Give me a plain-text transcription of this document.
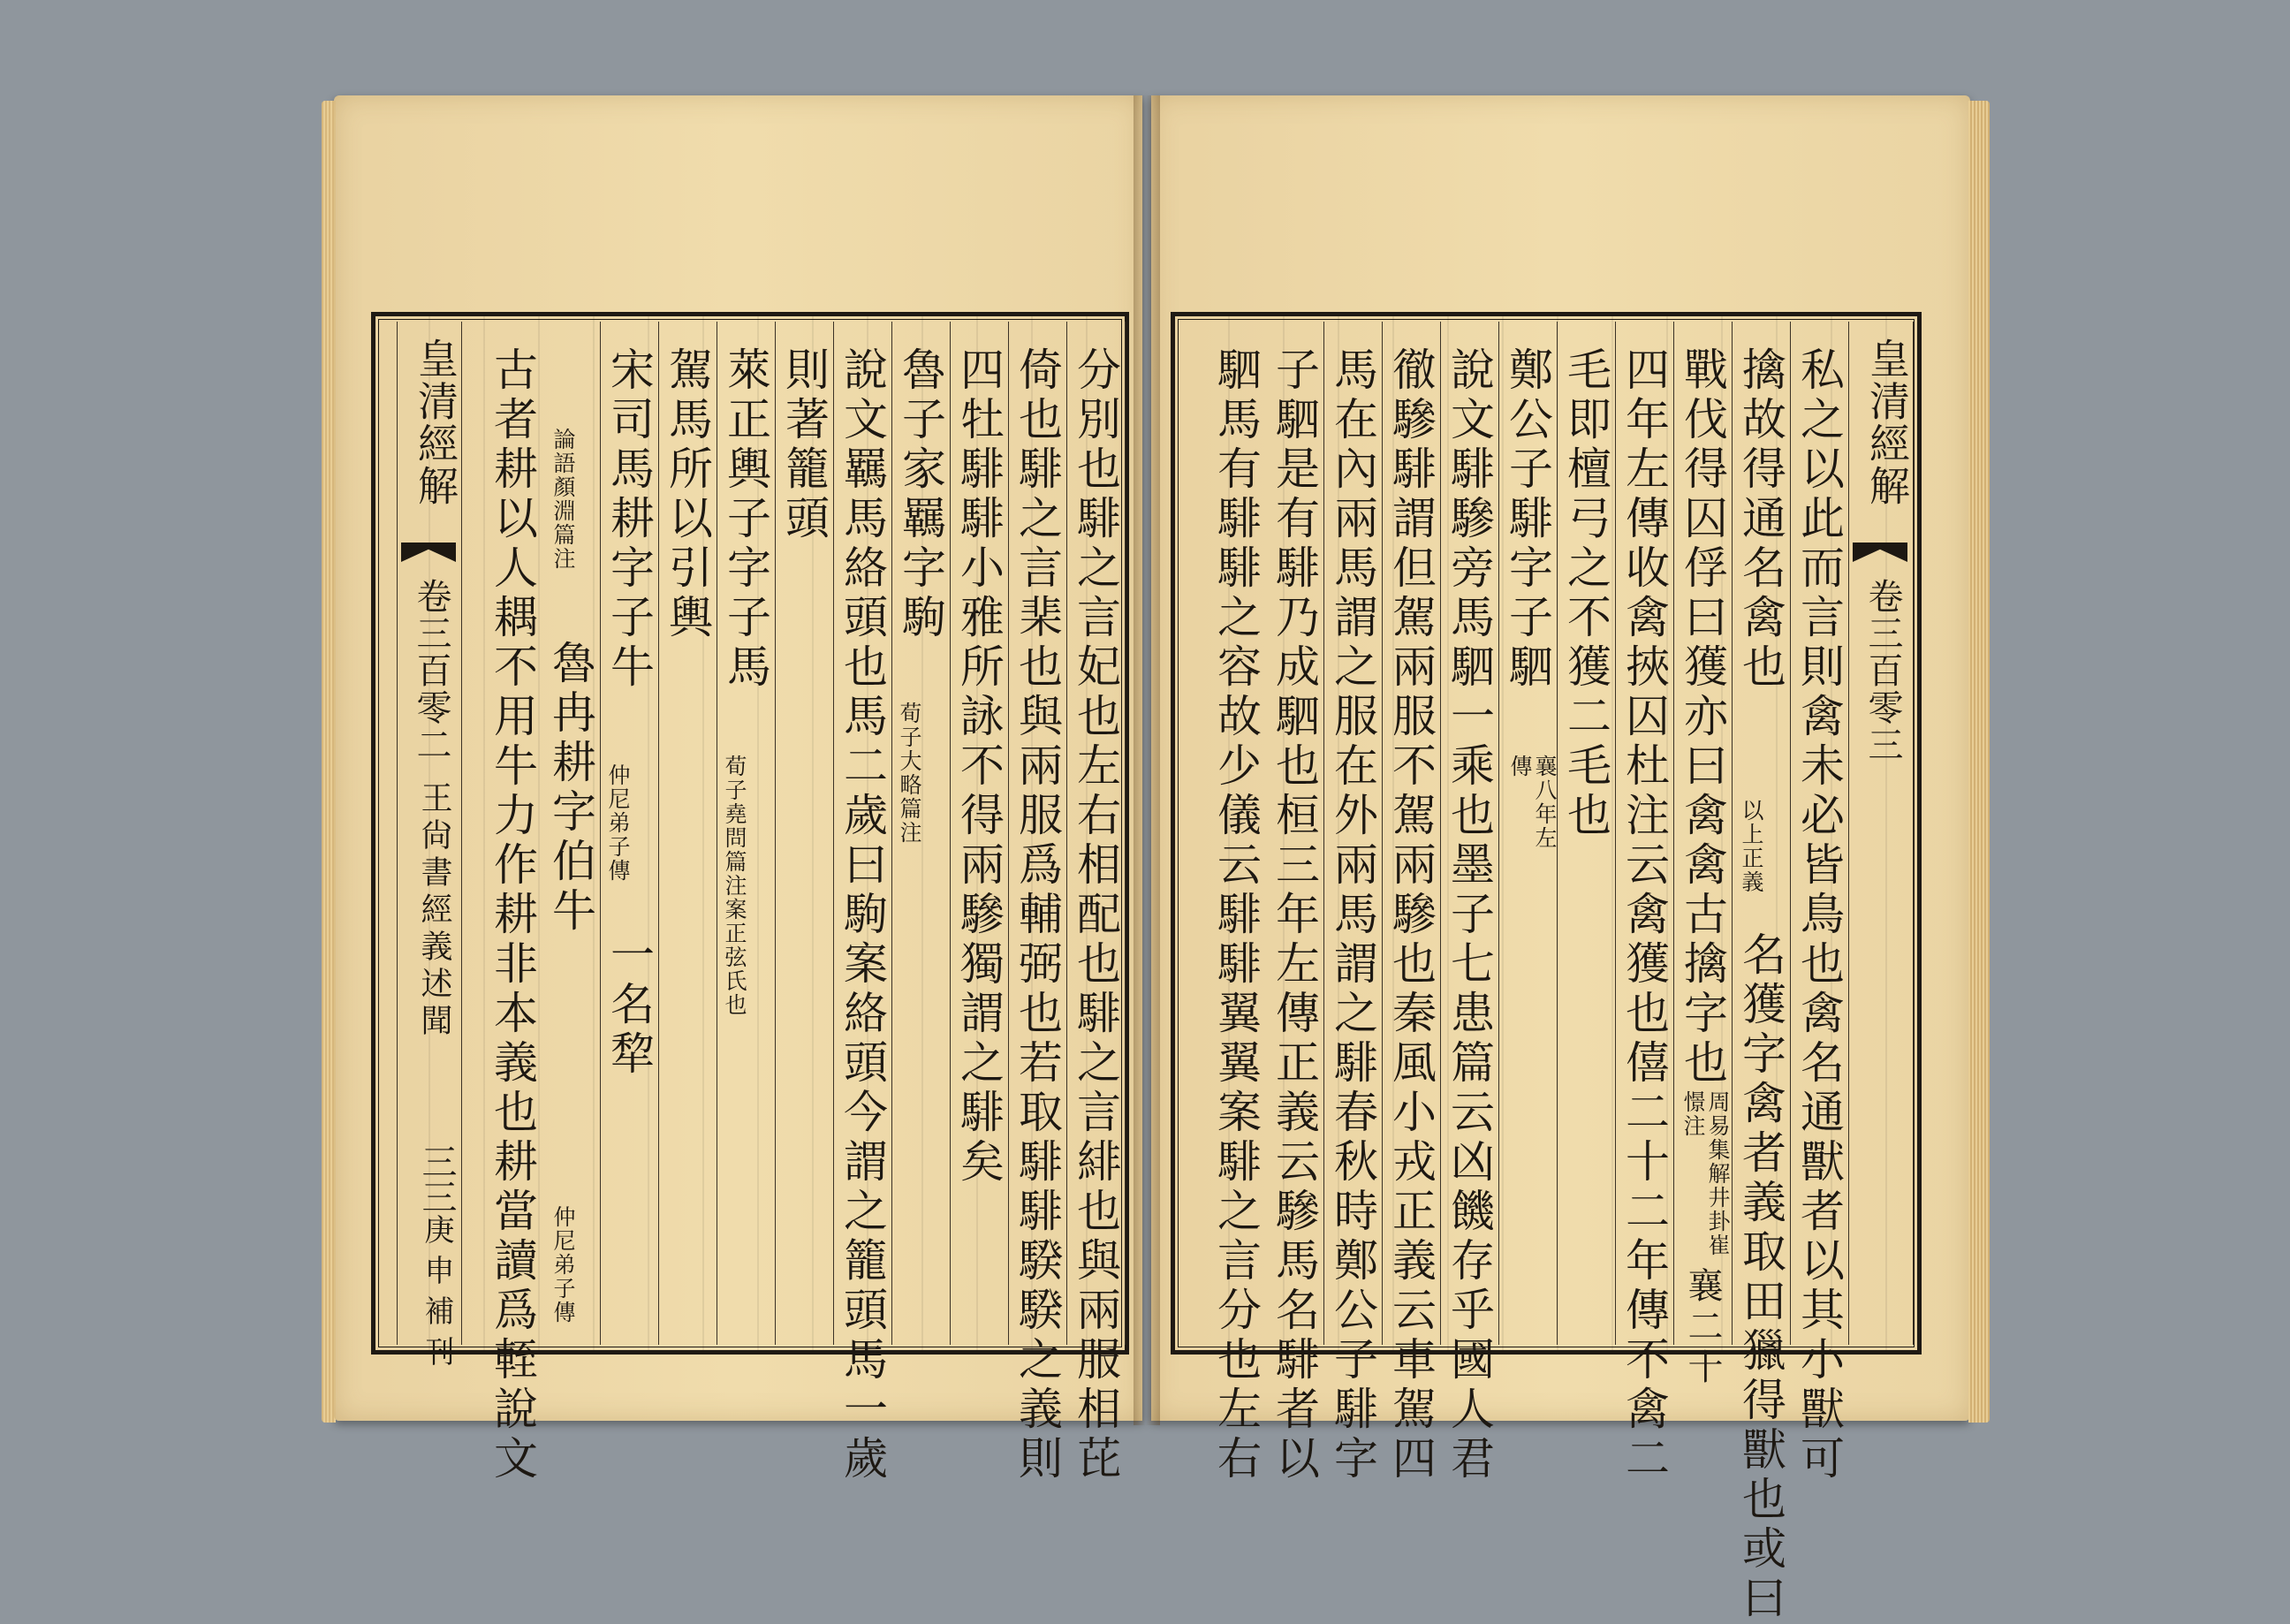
分別也騑之言妃也左右相配也騑之言緋也與兩服相芘
倚也騑之言棐也與兩服爲輔弼也若取騑騑騤騤之義則
四牡騑騑小雅所詠不得兩驂獨謂之騑矣
魯子家羈字駒
荀子大略篇注
說文羈馬絡頭也馬二歲曰駒案絡頭今謂之籠頭馬一歲
則著籠頭
萊正輿子字子馬
荀子堯問篇注案正弦氏也
駕馬所以引輿
宋司馬耕字子牛
仲尼弟子傳
一名犂
論語顏淵篇注
魯冉耕字伯牛
仲尼弟子傳
古者耕以人耦不用牛力作耕非本義也耕當讀爲輊說文
皇清經解
卷三百零二
王尙書經義述聞
三三
庚申補刊
皇清經解
卷三百零三
私之以此而言則禽未必皆鳥也禽名通獸者以其小獸可
擒故得通名禽也
以上正義
名獲字禽者義取田獵得獸也或曰
戰伐得囚俘曰獲亦曰禽禽古擒字也
周易集解井卦崔憬注
襄二十
四年左傳收禽挾囚杜注云禽獲也僖二十二年傳不禽二
毛即檀弓之不獲二毛也
鄭公子騑字子駟
襄八年左傳
說文騑驂旁馬駟一乘也墨子七患篇云凶饑存乎國人君
徹驂騑謂但駕兩服不駕兩驂也秦風小戎正義云車駕四
馬在內兩馬謂之服在外兩馬謂之騑春秋時鄭公子騑字
子駟是有騑乃成駟也桓三年左傳正義云驂馬名騑者以
駟馬有騑騑之容故少儀云騑騑翼翼案騑之言分也左右
